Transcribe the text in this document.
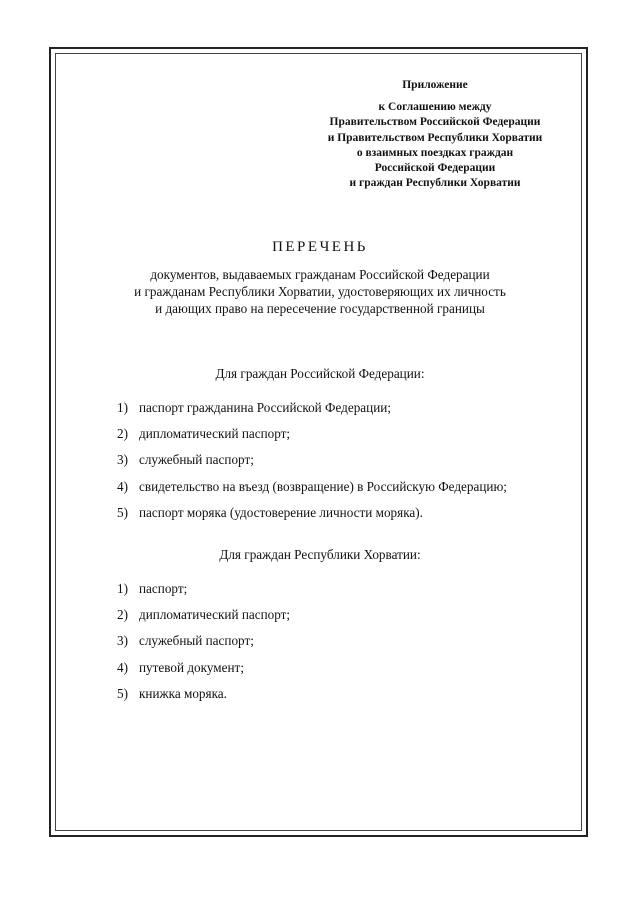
Приложение
к Соглашению между
Правительством Российской Федерации
и Правительством Республики Хорватии
о взаимных поездках граждан
Российской Федерации
и граждан Республики Хорватии
ПЕРЕЧЕНЬ
документов, выдаваемых гражданам Российской Федерации
и гражданам Республики Хорватии, удостоверяющих их личность
и дающих право на пересечение государственной границы
Для граждан Российской Федерации:
1) паспорт гражданина Российской Федерации;
2) дипломатический паспорт;
3) служебный паспорт;
4) свидетельство на въезд (возвращение) в Российскую Федерацию;
5) паспорт моряка (удостоверение личности моряка).
Для граждан Республики Хорватии:
1) паспорт;
2) дипломатический паспорт;
3) служебный паспорт;
4) путевой документ;
5) книжка моряка.
